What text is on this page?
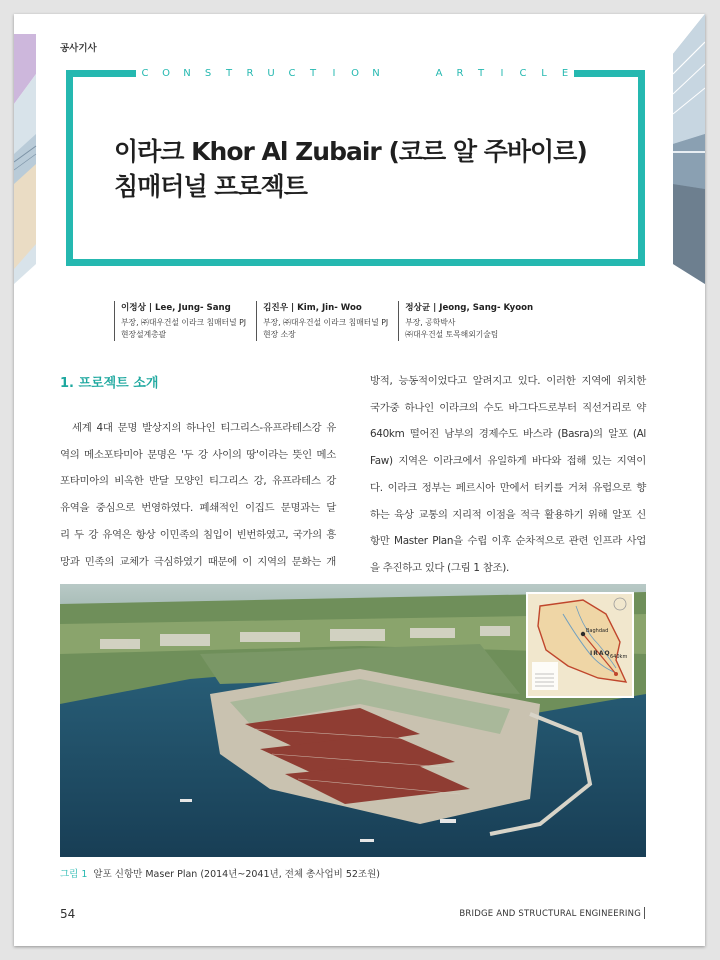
공사기사
C O N S T R U C T	I	O N	A R T	I	C L E
이라크 Khor Al Zubair (코르 알 주바이르)
침매터널 프로젝트
이정상 | Lee, Jung- Sang
부장, ㈜대우건설 이라크 침매터널 PJ
현장설계총괄
김진우 | Kim, Jin- Woo
부장, ㈜대우건설 이라크 침매터널 PJ
현장 소장
정상균 | Jeong, Sang- Kyoon
부장, 공학박사
㈜대우건설 토목해외기술팀
1. 프로젝트 소개
세계 4대 문명 발상지의 하나인 티그리스-유프라테스강 유
역의 메소포타미아 문명은 '두 강 사이의 땅'이라는 뜻인 메소
포타미아의 비옥한 반달 모양인 티그리스 강, 유프라테스 강
유역을 중심으로 번영하였다. 폐쇄적인 이집드 문명과는 달
리 두 강 유역은 항상 이민족의 침입이 빈번하였고, 국가의 흥
망과 민족의 교체가 극심하였기 때문에 이 지역의 문화는 개
방적, 능동적이었다고 알려지고 있다. 이러한 지역에 위치한
국가중 하나인 이라크의 수도 바그다드로부터 직선거리로 약
640km 떨어진 남부의 경제수도 바스라 (Basra)의 알포 (Al
Faw) 지역은 이라크에서 유일하게 바다와 접해 있는 지역이
다. 이라크 정부는 페르시아 만에서 터키를 거쳐 유럽으로 향
하는 육상 교통의 지리적 이점을 적극 활용하기 위해 알포 신
항만 Master Plan을 수립 이후 순차적으로 관련 인프라 사업
을 추진하고 있다 (그림 1 참조).
IRAQ
Baghdad
640km
그림 1 알포 신항만 Maser Plan (2014년~2041년, 전체 총사업비 52조원)
54	BRIDGE AND STRUCTURAL ENGINEERING
